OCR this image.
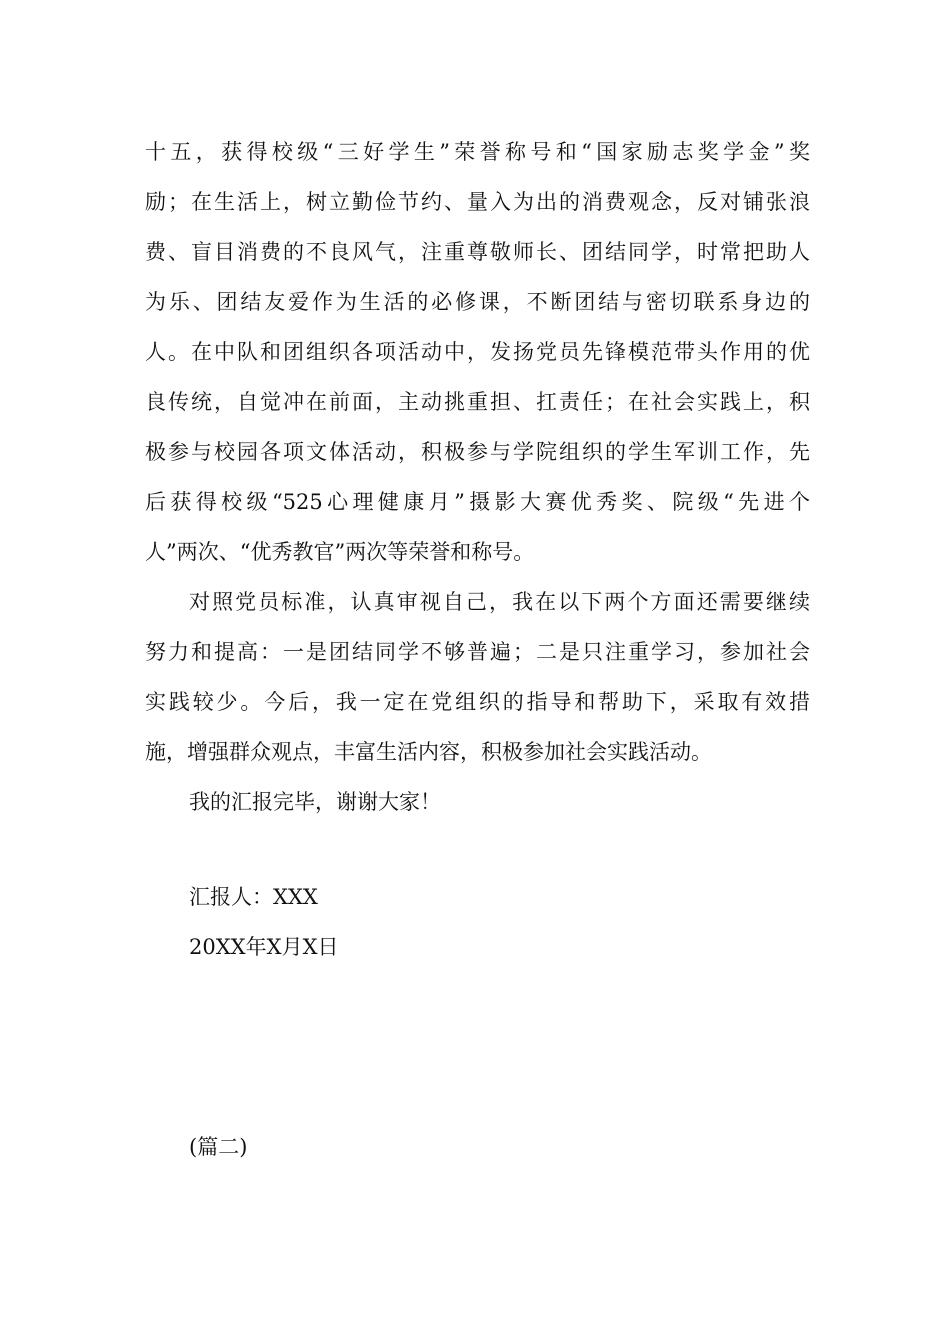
十五，获得校级“三好学生”荣誉称号和“国家励志奖学金”奖
励；在生活上，树立勤俭节约、量入为出的消费观念，反对铺张浪
费、盲目消费的不良风气，注重尊敬师长、团结同学，时常把助人
为乐、团结友爱作为生活的必修课，不断团结与密切联系身边的
人。在中队和团组织各项活动中，发扬党员先锋模范带头作用的优
良传统，自觉冲在前面，主动挑重担、扛责任；在社会实践上，积
极参与校园各项文体活动，积极参与学院组织的学生军训工作，先
后获得校级“525心理健康月”摄影大赛优秀奖、院级“先进个
人”两次、“优秀教官”两次等荣誉和称号。
对照党员标准，认真审视自己，我在以下两个方面还需要继续
努力和提高：一是团结同学不够普遍；二是只注重学习，参加社会
实践较少。今后，我一定在党组织的指导和帮助下，采取有效措
施，增强群众观点，丰富生活内容，积极参加社会实践活动。
我的汇报完毕，谢谢大家！
汇报人：XXX
20XX年X月X日
(篇二)
